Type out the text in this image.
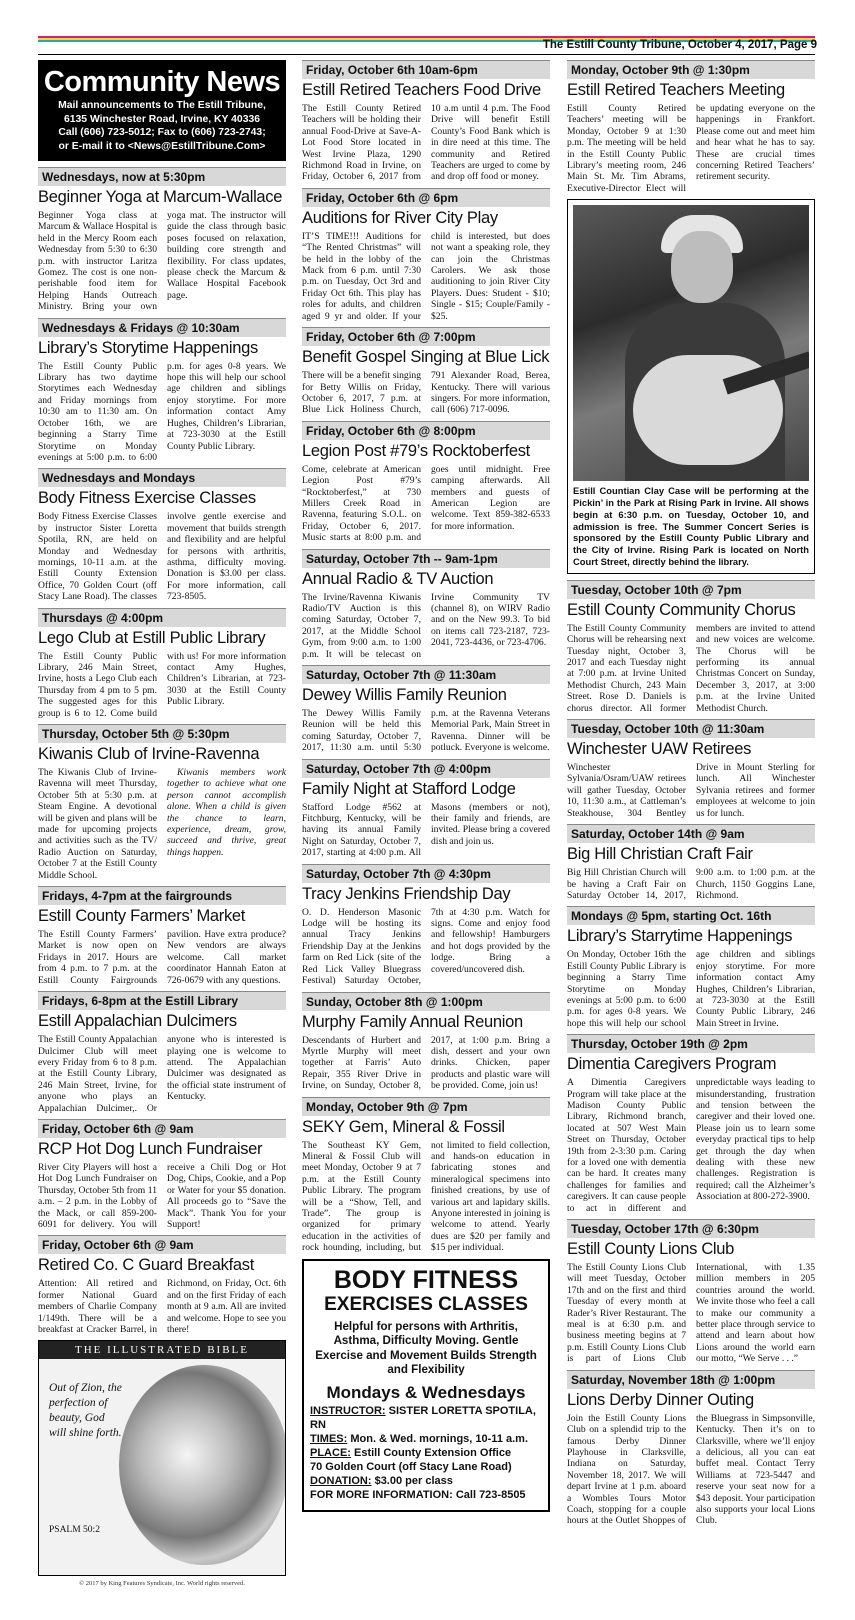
The Estill County Tribune, October 4, 2017, Page 9
Community News

Mail announcements to The Estill Tribune,

6135 Winchester Road, Irvine, KY 40336

Call (606) 723-5012; Fax to (606) 723-2743;

or E-mail it to <News@EstillTribune.Com>

Wednesdays, now at 5:30pm
Beginner Yoga at Marcum-Wallace
Beginner Yoga class at Marcum & Wallace Hospital is held in the Mercy Room each Wednesday from 5:30 to 6:30 p.m. with instructor Laritza Gomez. The cost is one non-perishable food item for Helping Hands Outreach Ministry. Bring your own yoga mat. The instructor will guide the class through basic poses focused on relaxation, building core strength and flexibility. For class updates, please check the Marcum & Wallace Hospital Facebook page.
Wednesdays & Fridays @ 10:30am
Library’s Storytime Happenings
The Estill County Public Library has two daytime Storytimes each Wednesday and Friday mornings from 10:30 am to 11:30 am. On October 16th, we are beginning a Starry Time Storytime on Monday evenings at 5:00 p.m. to 6:00 p.m. for ages 0-8 years. We hope this will help our school age children and siblings enjoy storytime. For more information contact Amy Hughes, Children’s Librarian, at 723-3030 at the Estill County Public Library.
Wednesdays and Mondays
Body Fitness Exercise Classes
Body Fitness Exercise Classes by instructor Sister Loretta Spotila, RN, are held on Monday and Wednesday mornings, 10-11 a.m. at the Estill County Extension Office, 70 Golden Court (off Stacy Lane Road). The classes involve gentle exercise and movement that builds strength and flexibility and are helpful for persons with arthritis, asthma, difficulty moving. Donation is $3.00 per class. For more information, call 723-8505.
Thursdays @ 4:00pm
Lego Club at Estill Public Library
The Estill County Public Library, 246 Main Street, Irvine, hosts a Lego Club each Thursday from 4 pm to 5 pm. The suggested ages for this group is 6 to 12. Come build with us! For more information contact Amy Hughes, Children’s Librarian, at 723-3030 at the Estill County Public Library.
Thursday, October 5th @ 5:30pm
Kiwanis Club of Irvine-Ravenna
The Kiwanis Club of Irvine-Ravenna will meet Thursday, October 5th at 5:30 p.m. at Steam Engine. A devotional will be given and plans will be made for upcoming projects and activities such as the TV/ Radio Auction on Saturday, October 7 at the Estill County Middle School.
Kiwanis members work together to achieve what one person cannot accomplish alone. When a child is given the chance to learn, experience, dream, grow, succeed and thrive, great things happen.
Fridays, 4-7pm at the fairgrounds
Estill County Farmers’ Market
The Estill County Farmers’ Market is now open on Fridays in 2017. Hours are from 4 p.m. to 7 p.m. at the Estill County Fairgrounds pavilion. Have extra produce? New vendors are always welcome. Call market coordinator Hannah Eaton at 726-0679 with any questions.
Fridays, 6-8pm at the Estill Library
Estill Appalachian Dulcimers
The Estill County Appalachian Dulcimer Club will meet every Friday from 6 to 8 p.m. at the Estill County Library, 246 Main Street, Irvine, for anyone who plays an Appalachian Dulcimer,. Or anyone who is interested is playing one is welcome to attend. The Appalachian Dulcimer was designated as the official state instrument of Kentucky.
Friday, October 6th @ 9am
RCP Hot Dog Lunch Fundraiser
River City Players will host a Hot Dog Lunch Fundraiser on Thursday, October 5th from 11 a.m. – 2 p.m. in the Lobby of the Mack, or call 859-200-6091 for delivery. You will receive a Chili Dog or Hot Dog, Chips, Cookie, and a Pop or Water for your $5 donation. All proceeds go to “Save the Mack”. Thank You for your Support!
Friday, October 6th @ 9am
Retired Co. C Guard Breakfast
Attention: All retired and former National Guard members of Charlie Company 1/149th. There will be a breakfast at Cracker Barrel, in Richmond, on Friday, Oct. 6th and on the first Friday of each month at 9 a.m. All are invited and welcome. Hope to see you there!
THE ILLUSTRATED BIBLE
Out of Zion, the perfection of beauty, God will shine forth.
PSALM 50:2
© 2017 by King Features Syndicate, Inc. World rights reserved.
Friday, October 6th 10am-6pm
Estill Retired Teachers Food Drive
The Estill County Retired Teachers will be holding their annual Food-Drive at Save-A-Lot Food Store located in West Irvine Plaza, 1290 Richmond Road in Irvine, on Friday, October 6, 2017 from 10 a.m until 4 p.m. The Food Drive will benefit Estill County’s Food Bank which is in dire need at this time. The community and Retired Teachers are urged to come by and drop off food or money.
Friday, October 6th @ 6pm
Auditions for River City Play
IT’S TIME!!! Auditions for “The Rented Christmas” will be held in the lobby of the Mack from 6 p.m. until 7:30 p.m. on Tuesday, Oct 3rd and Friday Oct 6th. This play has roles for adults, and children aged 9 yr and older. If your child is interested, but does not want a speaking role, they can join the Christmas Carolers. We ask those auditioning to join River City Players. Dues: Student - $10; Single - $15; Couple/Family - $25.
Friday, October 6th @ 7:00pm
Benefit Gospel Singing at Blue Lick
There will be a benefit singing for Betty Willis on Friday, October 6, 2017, 7 p.m. at Blue Lick Holiness Church, 791 Alexander Road, Berea, Kentucky. There will various singers. For more information, call (606) 717-0096.
Friday, October 6th @ 8:00pm
Legion Post #79’s Rocktoberfest
Come, celebrate at American Legion Post #79’s “Rocktoberfest,” at 730 Millers Creek Road in Ravenna, featuring S.O.L. on Friday, October 6, 2017. Music starts at 8:00 p.m. and goes until midnight. Free camping afterwards. All members and guests of American Legion are welcome. Text 859-382-6533 for more information.
Saturday, October 7th -- 9am-1pm
Annual Radio & TV Auction
The Irvine/Ravenna Kiwanis Radio/TV Auction is this coming Saturday, October 7, 2017, at the Middle School Gym, from 9:00 a.m. to 1:00 p.m. It will be telecast on Irvine Community TV (channel 8), on WIRV Radio and on the New 99.3. To bid on items call 723-2187, 723-2041, 723-4436, or 723-4706.
Saturday, October 7th @ 11:30am
Dewey Willis Family Reunion
The Dewey Willis Family Reunion will be held this coming Saturday, October 7, 2017, 11:30 a.m. until 5:30 p.m. at the Ravenna Veterans Memorial Park, Main Street in Ravenna. Dinner will be potluck. Everyone is welcome.
Saturday, October 7th @ 4:00pm
Family Night at Stafford Lodge
Stafford Lodge #562 at Fitchburg, Kentucky, will be having its annual Family Night on Saturday, October 7, 2017, starting at 4:00 p.m. All Masons (members or not), their family and friends, are invited. Please bring a covered dish and join us.
Saturday, October 7th @ 4:30pm
Tracy Jenkins Friendship Day
O. D. Henderson Masonic Lodge will be hosting its annual Tracy Jenkins Friendship Day at the Jenkins farm on Red Lick (site of the Red Lick Valley Bluegrass Festival) Saturday October, 7th at 4:30 p.m. Watch for signs. Come and enjoy food and fellowship! Hamburgers and hot dogs provided by the lodge. Bring a covered/uncovered dish.
Sunday, October 8th @ 1:00pm
Murphy Family Annual Reunion
Descendants of Hurbert and Myrtle Murphy will meet together at Farris’ Auto Repair, 355 River Drive in Irvine, on Sunday, October 8, 2017, at 1:00 p.m. Bring a dish, dessert and your own drinks. Chicken, paper products and plastic ware will be provided. Come, join us!
Monday, October 9th @ 7pm
SEKY Gem, Mineral & Fossil
The Southeast KY Gem, Mineral & Fossil Club will meet Monday, October 9 at 7 p.m. at the Estill County Public Library. The program will be a “Show, Tell, and Trade”. The group is organized for primary education in the activities of rock hounding, including, but not limited to field collection, and hands-on education in fabricating stones and mineralogical specimens into finished creations, by use of various art and lapidary skills. Anyone interested in joining is welcome to attend. Yearly dues are $20 per family and $15 per individual.
BODY FITNESS
EXERCISES CLASSES
Helpful for persons with Arthritis, Asthma, Difficulty Moving. Gentle Exercise and Movement Builds Strength and Flexibility
Mondays & Wednesdays
INSTRUCTOR: SISTER LORETTA SPOTILA, RN
TIMES: Mon. & Wed. mornings, 10-11 a.m.
PLACE: Estill County Extension Office
70 Golden Court (off Stacy Lane Road)
DONATION: $3.00 per class
FOR MORE INFORMATION: Call 723-8505
Monday, October 9th @ 1:30pm
Estill Retired Teachers Meeting
Estill County Retired Teachers’ meeting will be Monday, October 9 at 1:30 p.m. The meeting will be held in the Estill County Public Library’s meeting room, 246 Main St. Mr. Tim Abrams, Executive-Director Elect will be updating everyone on the happenings in Frankfort. Please come out and meet him and hear what he has to say. These are crucial times concerning Retired Teachers’ retirement security.
Estill Countian Clay Case will be performing at the Pickin’ in the Park at Rising Park in Irvine. All shows begin at 6:30 p.m. on Tuesday, October 10, and admission is free. The Summer Concert Series is sponsored by the Estill County Public Library and the City of Irvine. Rising Park is located on North Court Street, directly behind the library.
Tuesday, October 10th @ 7pm
Estill County Community Chorus
The Estill County Community Chorus will be rehearsing next Tuesday night, October 3, 2017 and each Tuesday night at 7:00 p.m. at Irvine United Methodist Church, 243 Main Street. Rose D. Daniels is chorus director. All former members are invited to attend and new voices are welcome. The Chorus will be performing its annual Christmas Concert on Sunday, December 3, 2017, at 3:00 p.m. at the Irvine United Methodist Church.
Tuesday, October 10th @ 11:30am
Winchester UAW Retirees
Winchester Sylvania/Osram/UAW retirees will gather Tuesday, October 10, 11:30 a.m., at Cattleman’s Steakhouse, 304 Bentley Drive in Mount Sterling for lunch. All Winchester Sylvania retirees and former employees at welcome to join us for lunch.
Saturday, October 14th @ 9am
Big Hill Christian Craft Fair
Big Hill Christian Church will be having a Craft Fair on Saturday October 14, 2017, 9:00 a.m. to 1:00 p.m. at the Church, 1150 Goggins Lane, Richmond.
Mondays @ 5pm, starting Oct. 16th
Library’s Starrytime Happenings
On Monday, October 16th the Estill County Public Library is beginning a Starry Time Storytime on Monday evenings at 5:00 p.m. to 6:00 p.m. for ages 0-8 years. We hope this will help our school age children and siblings enjoy storytime. For more information contact Amy Hughes, Children’s Librarian, at 723-3030 at the Estill County Public Library, 246 Main Street in Irvine.
Thursday, October 19th @ 2pm
Dimentia Caregivers Program
A Dimentia Caregivers Program will take place at the Madison County Public Library, Richmond branch, located at 507 West Main Street on Thursday, October 19th from 2-3:30 p.m. Caring for a loved one with dementia can be hard. It creates many challenges for families and caregivers. It can cause people to act in different and unpredictable ways leading to misunderstanding, frustration and tension between the caregiver and their loved one. Please join us to learn some everyday practical tips to help get through the day when dealing with these new challenges. Registration is required; call the Alzheimer’s Association at 800-272-3900.
Tuesday, October 17th @ 6:30pm
Estill County Lions Club
The Estill County Lions Club will meet Tuesday, October 17th and on the first and third Tuesday of every month at Rader’s River Restaurant. The meal is at 6:30 p.m. and business meeting begins at 7 p.m. Estill County Lions Club is part of Lions Club International, with 1.35 million members in 205 countries around the world. We invite those who feel a call to make our community a better place through service to attend and learn about how Lions around the world earn our motto, “We Serve . . .”
Saturday, November 18th @ 1:00pm
Lions Derby Dinner Outing
Join the Estill County Lions Club on a splendid trip to the famous Derby Dinner Playhouse in Clarksville, Indiana on Saturday, November 18, 2017. We will depart Irvine at 1 p.m. aboard a Wombles Tours Motor Coach, stopping for a couple hours at the Outlet Shoppes of the Bluegrass in Simpsonville, Kentucky. Then it’s on to Clarksville, where we’ll enjoy a delicious, all you can eat buffet meal. Contact Terry Williams at 723-5447 and reserve your seat now for a $43 deposit. Your participation also supports your local Lions Club.
